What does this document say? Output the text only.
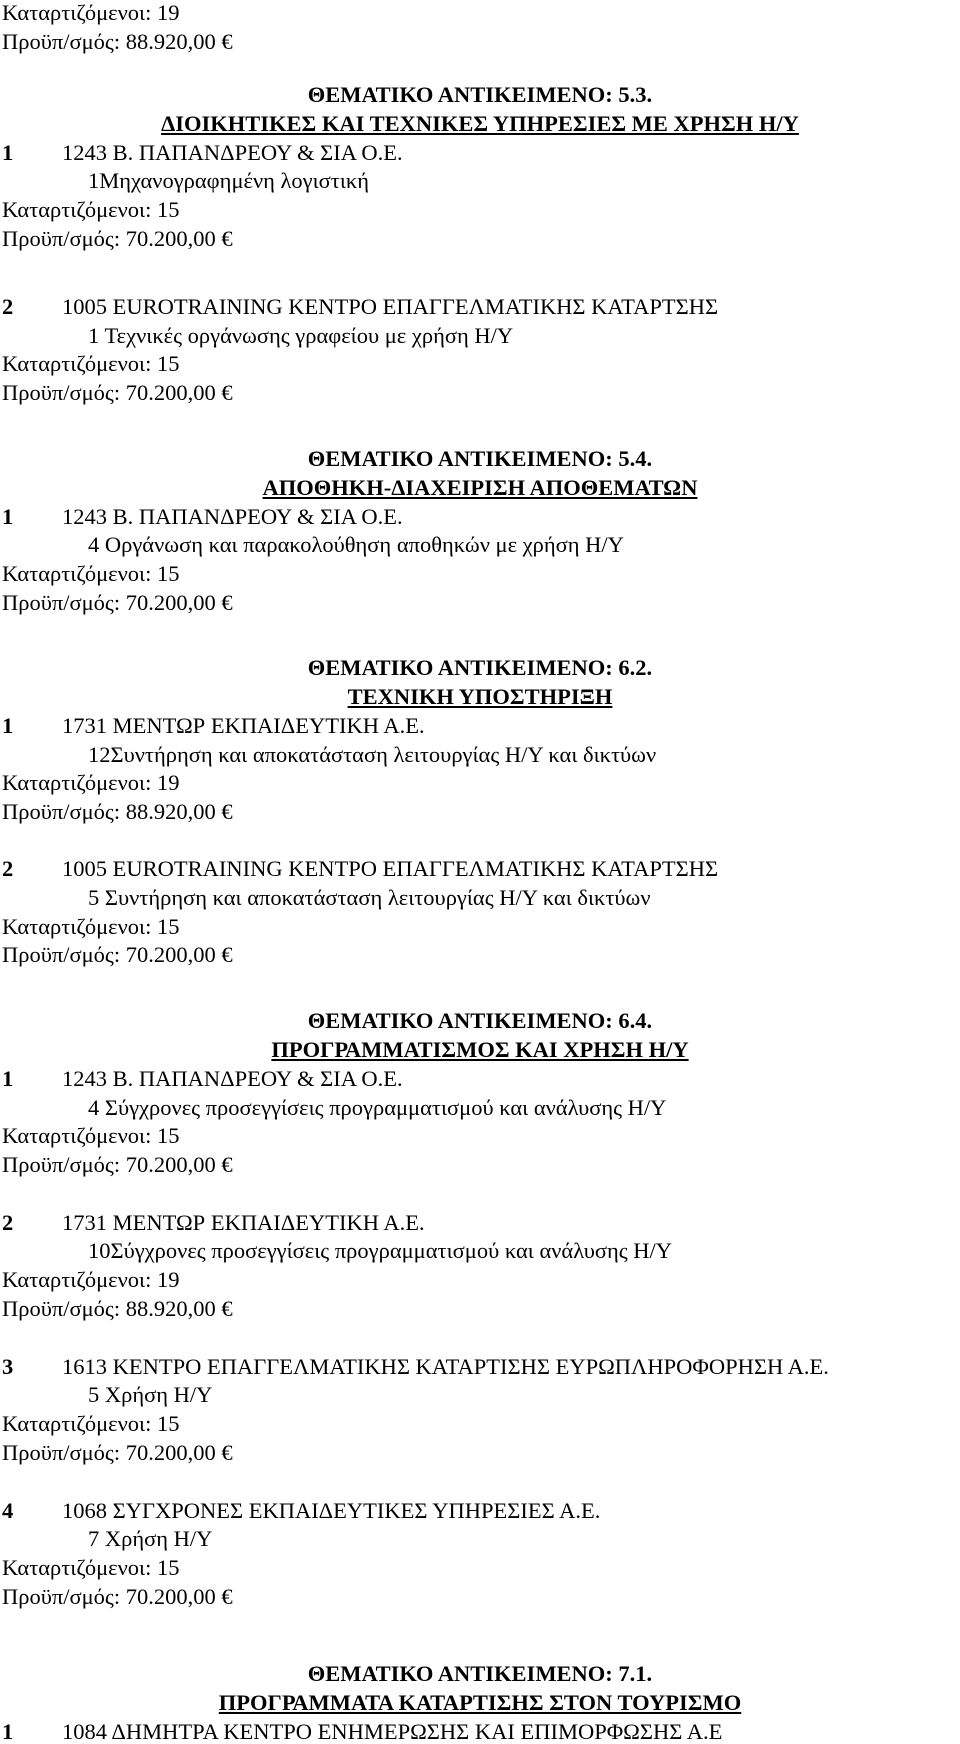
Καταρτιζόμενοι: 19
Προϋπ/σμός: 88.920,00 €
ΘΕΜΑΤΙΚΟ ΑΝΤΙΚΕΙΜΕΝΟ: 5.3.
ΔΙΟΙΚΗΤΙΚΕΣ ΚΑΙ ΤΕΧΝΙΚΕΣ ΥΠΗΡΕΣΙΕΣ ΜΕ ΧΡΗΣΗ Η/Υ
1 1243 Β. ΠΑΠΑΝΔΡΕΟΥ & ΣΙΑ Ο.Ε.
1Μηχανογραφημένη λογιστική
Καταρτιζόμενοι: 15
Προϋπ/σμός: 70.200,00 €
2 1005 EUROTRAINING ΚΕΝΤΡΟ ΕΠΑΓΓΕΛΜΑΤΙΚΗΣ ΚΑΤΑΡΤΣΗΣ
1 Τεχνικές οργάνωσης γραφείου με χρήση Η/Υ
Καταρτιζόμενοι: 15
Προϋπ/σμός: 70.200,00 €
ΘΕΜΑΤΙΚΟ ΑΝΤΙΚΕΙΜΕΝΟ: 5.4.
ΑΠΟΘΗΚΗ-ΔΙΑΧΕΙΡΙΣΗ ΑΠΟΘΕΜΑΤΩΝ
1 1243 Β. ΠΑΠΑΝΔΡΕΟΥ & ΣΙΑ Ο.Ε.
4 Οργάνωση και παρακολούθηση αποθηκών με χρήση Η/Υ
Καταρτιζόμενοι: 15
Προϋπ/σμός: 70.200,00 €
ΘΕΜΑΤΙΚΟ ΑΝΤΙΚΕΙΜΕΝΟ: 6.2.
ΤΕΧΝΙΚΗ ΥΠΟΣΤΗΡΙΞΗ
1 1731 ΜΕΝΤΩΡ ΕΚΠΑΙΔΕΥΤΙΚΗ Α.Ε.
12Συντήρηση και αποκατάσταση λειτουργίας Η/Υ και δικτύων
Καταρτιζόμενοι: 19
Προϋπ/σμός: 88.920,00 €
2 1005 EUROTRAINING ΚΕΝΤΡΟ ΕΠΑΓΓΕΛΜΑΤΙΚΗΣ ΚΑΤΑΡΤΣΗΣ
5 Συντήρηση και αποκατάσταση λειτουργίας Η/Υ και δικτύων
Καταρτιζόμενοι: 15
Προϋπ/σμός: 70.200,00 €
ΘΕΜΑΤΙΚΟ ΑΝΤΙΚΕΙΜΕΝΟ: 6.4.
ΠΡΟΓΡΑΜΜΑΤΙΣΜΟΣ ΚΑΙ ΧΡΗΣΗ Η/Υ
1 1243 Β. ΠΑΠΑΝΔΡΕΟΥ & ΣΙΑ Ο.Ε.
4 Σύγχρονες προσεγγίσεις προγραμματισμού και ανάλυσης Η/Υ
Καταρτιζόμενοι: 15
Προϋπ/σμός: 70.200,00 €
2 1731 ΜΕΝΤΩΡ ΕΚΠΑΙΔΕΥΤΙΚΗ Α.Ε.
10Σύγχρονες προσεγγίσεις προγραμματισμού και ανάλυσης Η/Υ
Καταρτιζόμενοι: 19
Προϋπ/σμός: 88.920,00 €
3 1613 ΚΕΝΤΡΟ ΕΠΑΓΓΕΛΜΑΤΙΚΗΣ ΚΑΤΑΡΤΙΣΗΣ ΕΥΡΩΠΛΗΡΟΦΟΡΗΣΗ Α.Ε.
5 Χρήση Η/Υ
Καταρτιζόμενοι: 15
Προϋπ/σμός: 70.200,00 €
4 1068 ΣΥΓΧΡΟΝΕΣ ΕΚΠΑΙΔΕΥΤΙΚΕΣ ΥΠΗΡΕΣΙΕΣ Α.Ε.
7 Χρήση Η/Υ
Καταρτιζόμενοι: 15
Προϋπ/σμός: 70.200,00 €
ΘΕΜΑΤΙΚΟ ΑΝΤΙΚΕΙΜΕΝΟ: 7.1.
ΠΡΟΓΡΑΜΜΑΤΑ ΚΑΤΑΡΤΙΣΗΣ ΣΤΟΝ ΤΟΥΡΙΣΜΟ
1 1084 ΔΗΜΗΤΡΑ ΚΕΝΤΡΟ ΕΝΗΜΕΡΩΣΗΣ ΚΑΙ ΕΠΙΜΟΡΦΩΣΗΣ Α.Ε
